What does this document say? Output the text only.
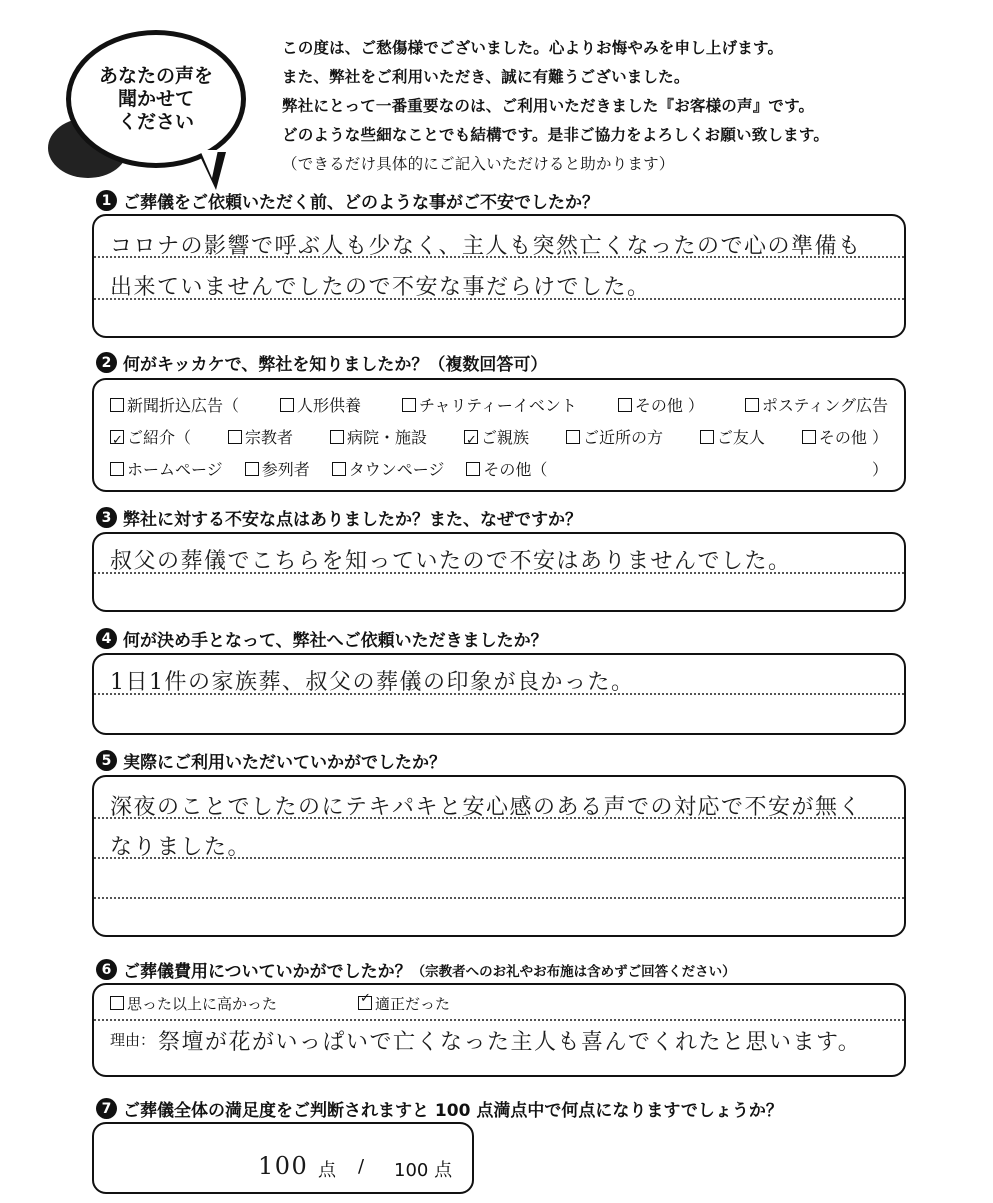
あなたの声を
聞かせて
ください
この度は、ご愁傷様でございました。心よりお悔やみを申し上げます。
また、弊社をご利用いただき、誠に有難うございました。
弊社にとって一番重要なのは、ご利用いただきました『お客様の声』です。
どのような些細なことでも結構です。是非ご協力をよろしくお願い致します。
（できるだけ具体的にご記入いただけると助かります）
1 ご葬儀をご依頼いただく前、どのような事がご不安でしたか？
コロナの影響で呼ぶ人も少なく、主人も突然亡くなったので心の準備も
出来ていませんでしたので不安な事だらけでした。
2 何がキッカケで、弊社を知りましたか？（複数回答可）
新聞折込広告（	人形供養	チャリティーイベント	その他 ）	ポスティング広告
✓ご紹介（	宗教者	病院・施設 ✓	ご親族	ご近所の方	ご友人	その他 ）
ホームページ	参列者	タウンページ	その他（	）
3 弊社に対する不安な点はありましたか？また、なぜですか？
叔父の葬儀でこちらを知っていたので不安はありませんでした。
4 何が決め手となって、弊社へご依頼いただきましたか？
1日1件の家族葬、叔父の葬儀の印象が良かった。
5 実際にご利用いただいていかがでしたか？
深夜のことでしたのにテキパキと安心感のある声での対応で不安が無く
なりました。
6 ご葬儀費用についていかがでしたか？ （宗教者へのお礼やお布施は含めずご回答ください）
思った以上に高かった ✓	適正だった
理由： 祭壇が花がいっぱいで亡くなった主人も喜んでくれたと思います。
7 ご葬儀全体の満足度をご判断されますと 100 点満点中で何点になりますでしょうか？
100 点 / 100 点
